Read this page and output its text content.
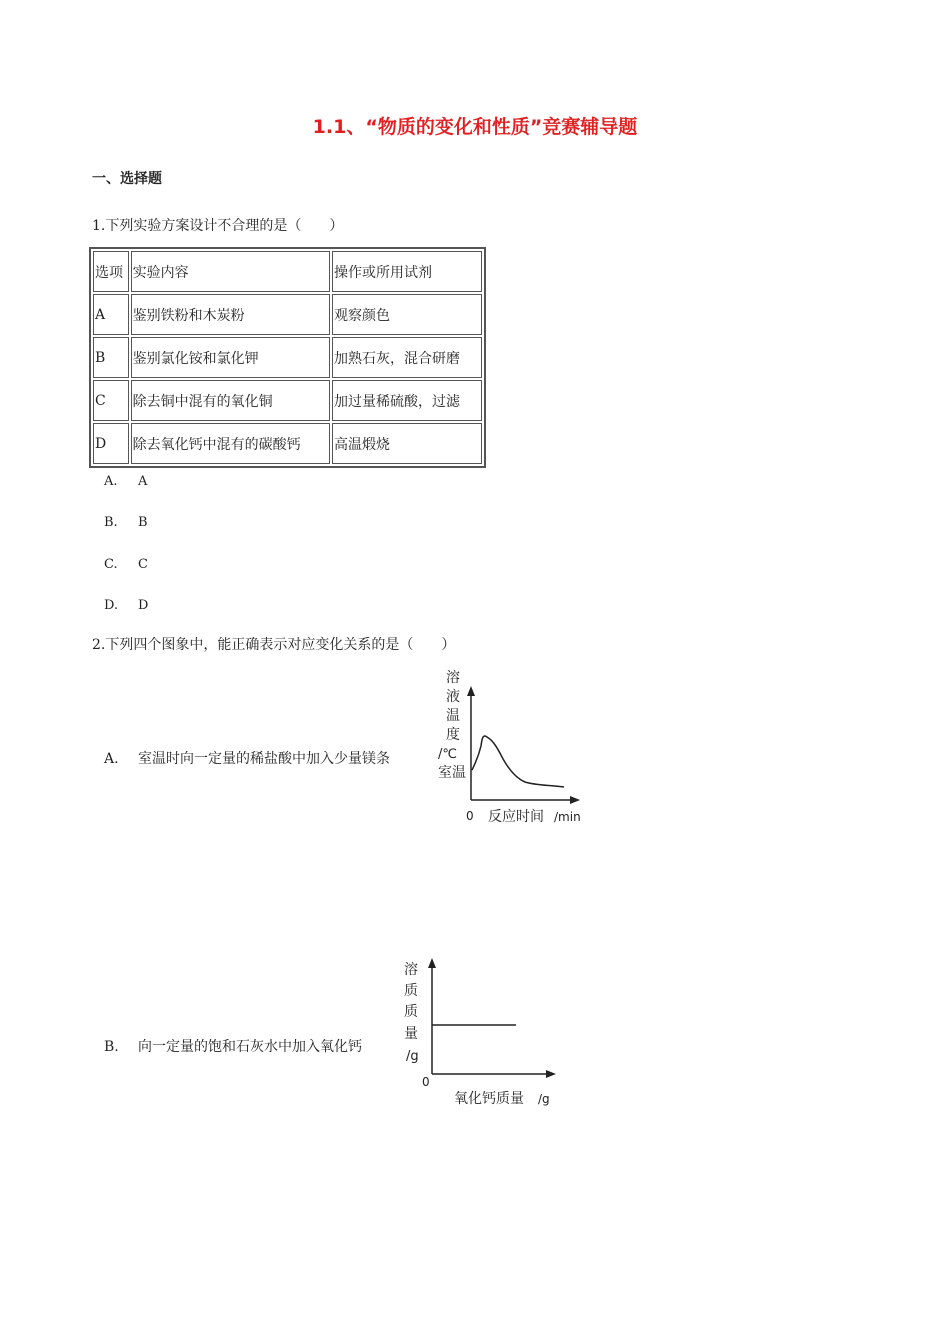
1.1、“物质的变化和性质”竞赛辅导题
一、选择题
1.下列实验方案设计不合理的是（　　）
选项	实验内容	操作或所用试剂
A	鉴别铁粉和木炭粉	观察颜色
B	鉴别氯化铵和氯化钾	加熟石灰，混合研磨
C	除去铜中混有的氧化铜	加过量稀硫酸，过滤
D	除去氧化钙中混有的碳酸钙	高温煅烧
A. A
B. B
C. C
D. D
2.下列四个图象中，能正确表示对应变化关系的是（　　）
A. 室温时向一定量的稀盐酸中加入少量镁条
溶
液
温
度
/℃
室温
0 反应时间 /min
B. 向一定量的饱和石灰水中加入氧化钙
溶
质
质
量
/g
0
氧化钙质量 /g
